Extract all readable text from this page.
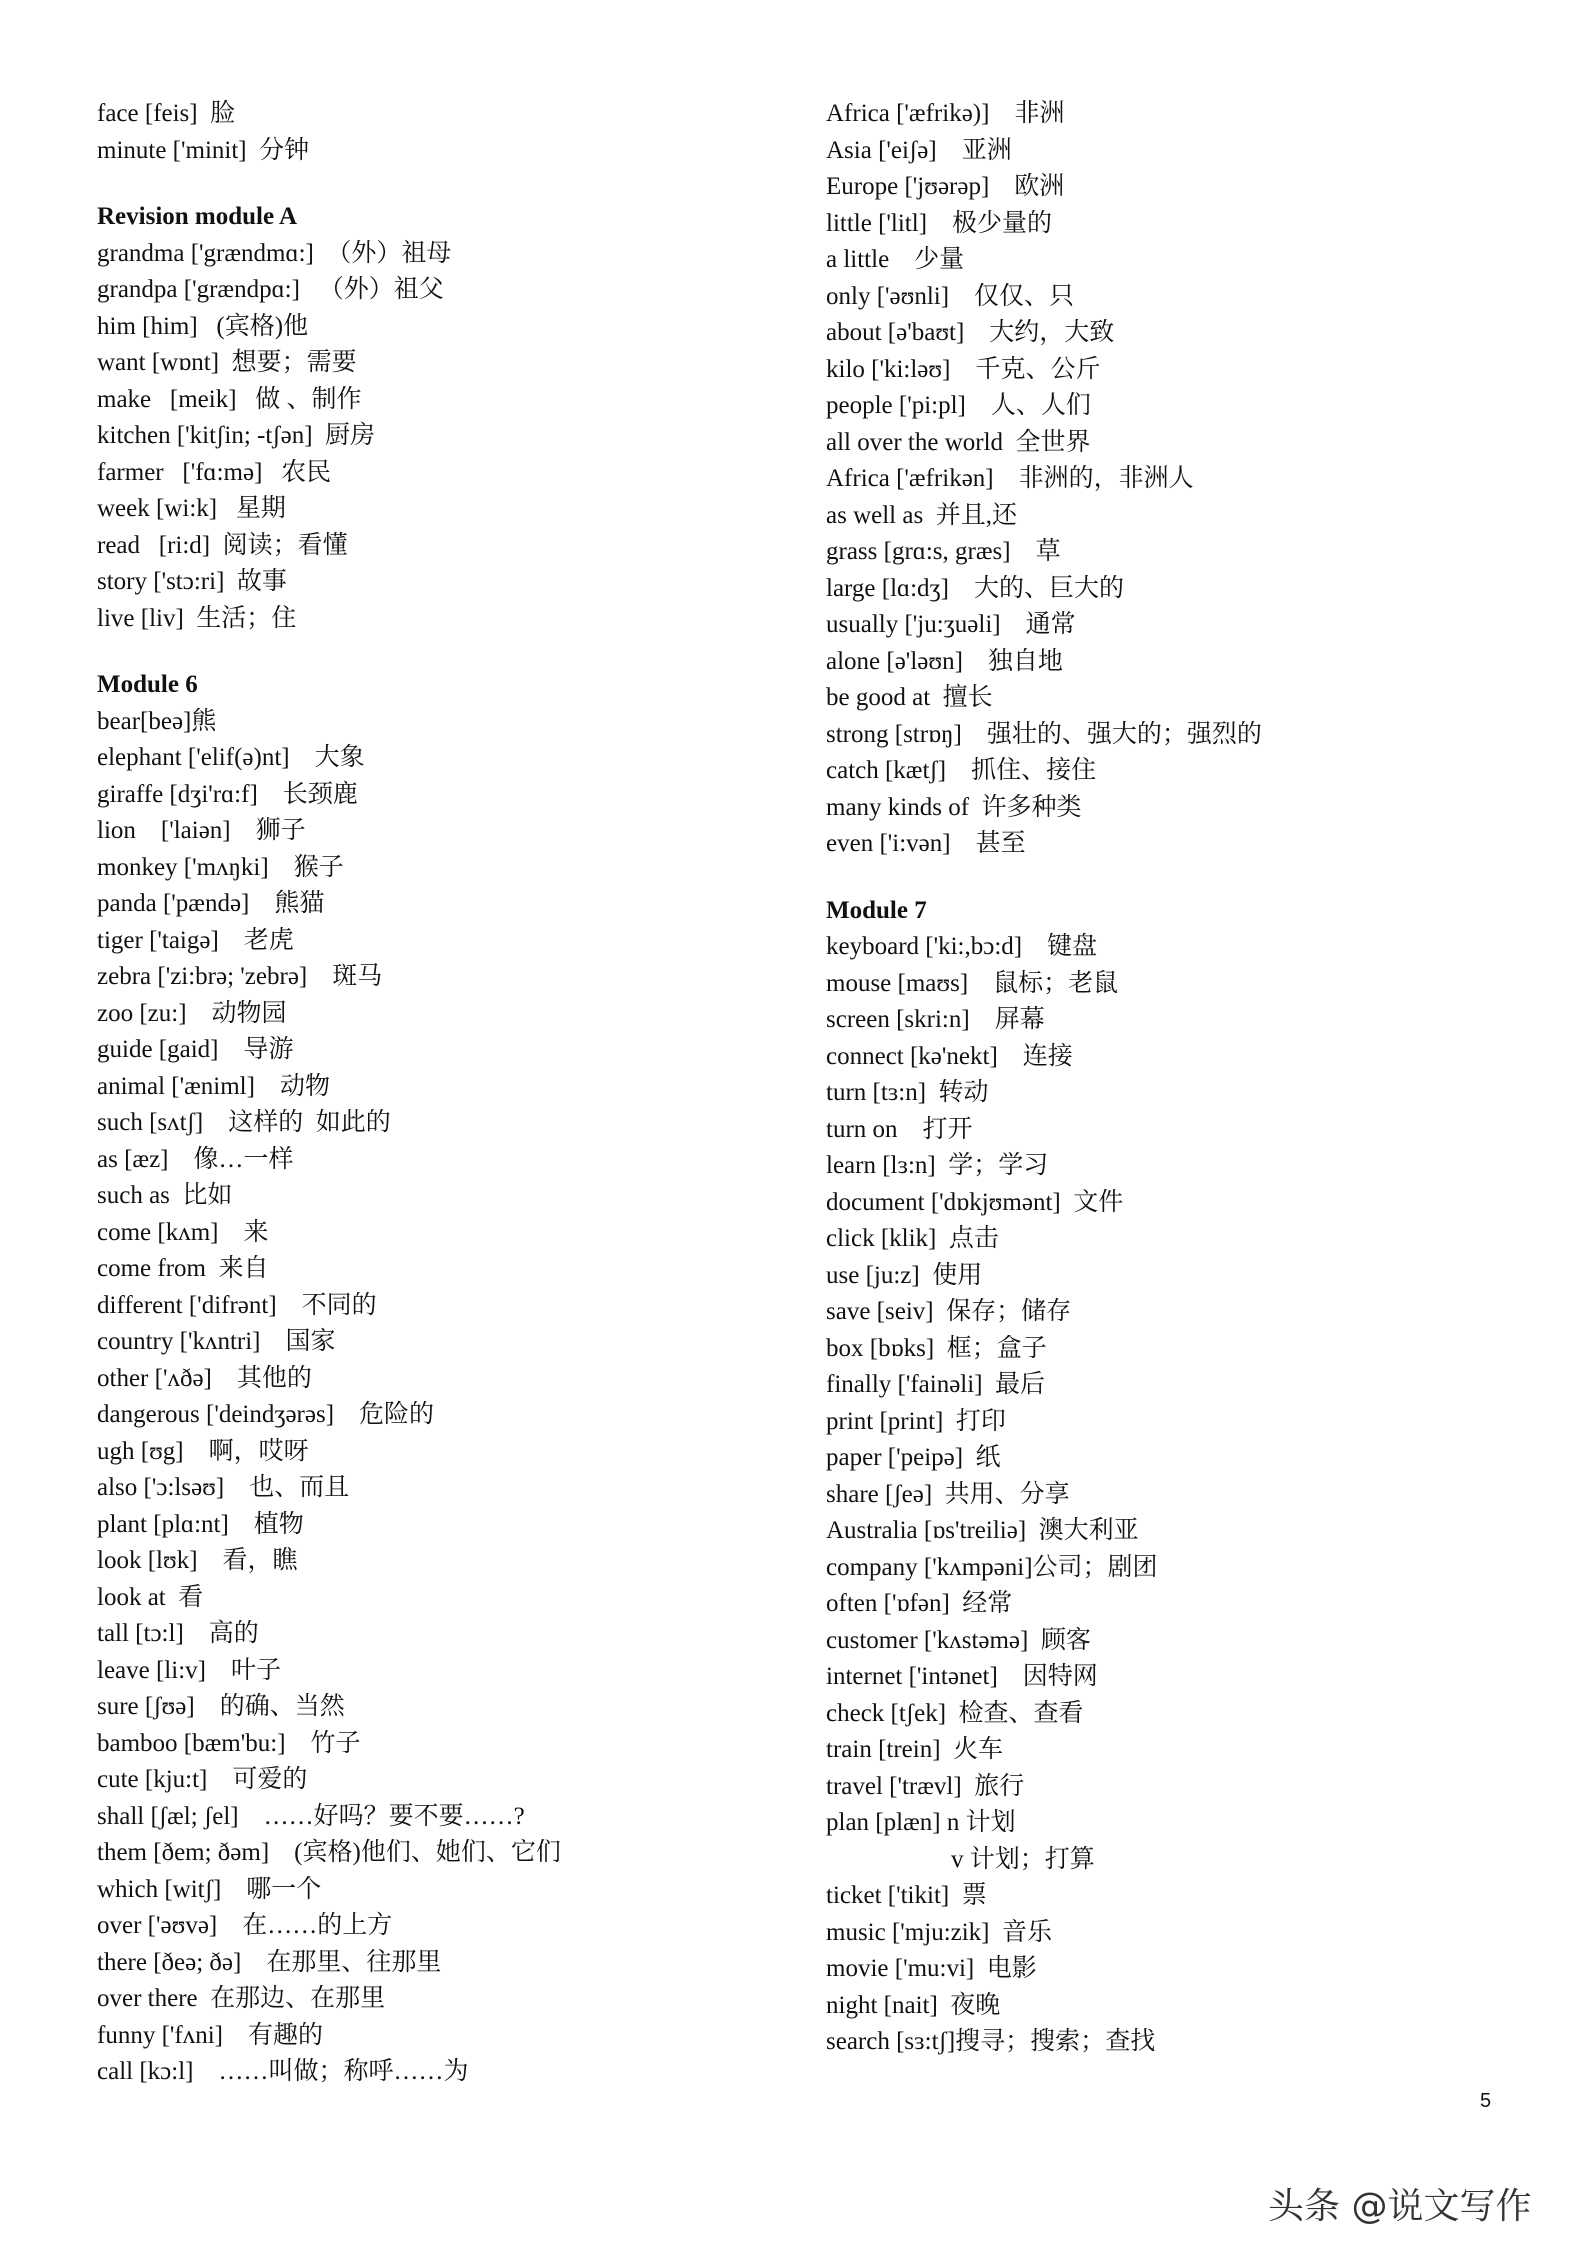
face [feis]  脸
minute ['minit]  分钟
Revision module A
grandma ['grændmɑ:]  （外）祖母
grandpa ['grændpɑ:]   （外）祖父
him [him]   (宾格)他
want [wɒnt]  想要；需要
make   [meik]   做 、制作
kitchen ['kitʃin; -tʃən]  厨房
farmer   ['fɑ:mə]   农民
week [wi:k]   星期
read   [ri:d]  阅读；看懂
story ['stɔ:ri]  故事
live [liv]  生活；住
Module 6
bear[beə]熊
elephant ['elif(ə)nt]    大象
giraffe [dʒi'rɑ:f]    长颈鹿
lion    ['laiən]    狮子
monkey ['mʌŋki]    猴子
panda ['pændə]    熊猫
tiger ['taigə]    老虎
zebra ['zi:brə; 'zebrə]    斑马
zoo [zu:]    动物园
guide [gaid]    导游
animal ['æniml]    动物
such [sʌtʃ]    这样的  如此的
as [æz]    像…一样
such as  比如
come [kʌm]    来
come from  来自
different ['difrənt]    不同的
country ['kʌntri]    国家
other ['ʌðə]    其他的
dangerous ['deindʒərəs]    危险的
ugh [ʊg]    啊，哎呀
also ['ɔ:lsəʊ]    也、而且
plant [plɑ:nt]    植物
look [lʊk]    看，瞧
look at  看
tall [tɔ:l]    高的
leave [li:v]    叶子
sure [ʃʊə]    的确、当然
bamboo [bæm'bu:]    竹子
cute [kju:t]    可爱的
shall [ʃæl; ʃel]    ……好吗？要不要……?
them [ðem; ðəm]    (宾格)他们、她们、它们
which [witʃ]    哪一个
over ['əʊvə]    在……的上方
there [ðeə; ðə]    在那里、往那里
over there  在那边、在那里
funny ['fʌni]    有趣的
call [kɔ:l]    ……叫做；称呼……为
Africa ['æfrikə)]    非洲
Asia ['eiʃə]    亚洲
Europe ['jʊərəp]    欧洲
little ['litl]    极少量的
a little    少量
only ['əʊnli]    仅仅、只
about [ə'baʊt]    大约，大致
kilo ['ki:ləʊ]    千克、公斤
people ['pi:pl]    人、人们
all over the world  全世界
Africa ['æfrikən]    非洲的，非洲人
as well as  并且,还
grass [grɑ:s, græs]    草
large [lɑ:dʒ]    大的、巨大的
usually ['ju:ʒuəli]    通常
alone [ə'ləʊn]    独自地
be good at  擅长
strong [strɒŋ]    强壮的、强大的；强烈的
catch [kætʃ]    抓住、接住
many kinds of  许多种类
even ['i:vən]    甚至
Module 7
keyboard ['ki:,bɔ:d]    键盘
mouse [maʊs]    鼠标；老鼠
screen [skri:n]    屏幕
connect [kə'nekt]    连接
turn [tɜ:n]  转动
turn on    打开
learn [lɜ:n]  学；学习
document ['dɒkjʊmənt]  文件
click [klik]  点击
use [ju:z]  使用
save [seiv]  保存；储存
box [bɒks]  框；盒子
finally ['fainəli]  最后
print [print]  打印
paper ['peipə]  纸
share [ʃeə]  共用、分享
Australia [ɒs'treiliə]  澳大利亚
company ['kʌmpəni]公司；剧团
often ['ɒfən]  经常
customer ['kʌstəmə]  顾客
internet ['intənet]    因特网
check [tʃek]  检查、查看
train [trein]  火车
travel ['trævl]  旅行
plan [plæn] n 计划
v 计划；打算
ticket ['tikit]  票
music ['mju:zik]  音乐
movie ['mu:vi]  电影
night [nait]  夜晚
search [sɜ:tʃ]搜寻；搜索；查找
5
头条 @说文写作
